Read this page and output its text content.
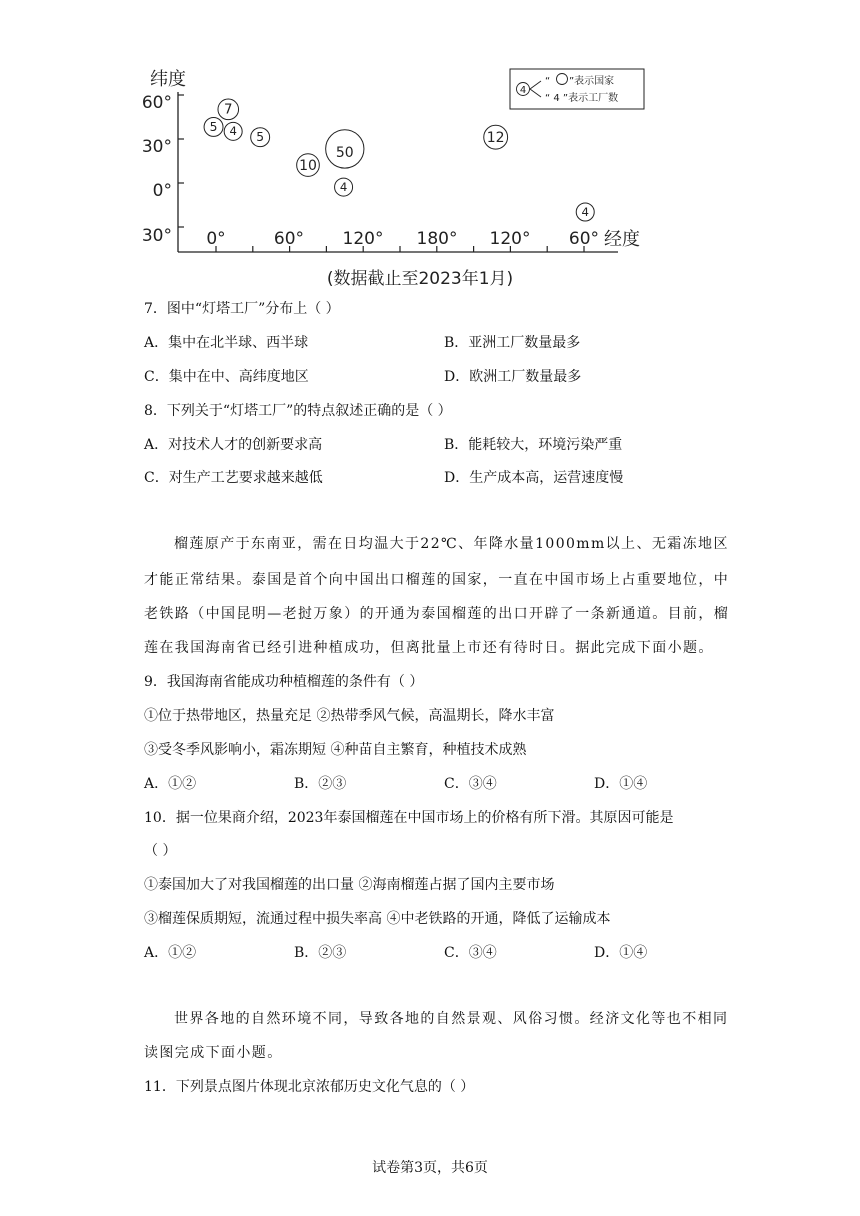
纬度
经度
60°
30°
0°
30° 0°	60° 120° 180° 120° 60°
(数据截止至2023年1月)
7
5 4 5
10
50
4
12
4
4
“ ”表示国家
“ 4 ”表示工厂数
7．图中“灯塔工厂”分布上（ ）
A．集中在北半球、西半球	B．亚洲工厂数量最多
C．集中在中、高纬度地区	D．欧洲工厂数量最多
8．下列关于“灯塔工厂”的特点叙述正确的是（ ）
A．对技术人才的创新要求高	B．能耗较大，环境污染严重
C．对生产工艺要求越来越低	D．生产成本高，运营速度慢
榴莲原产于东南亚，需在日均温大于22℃、年降水量1000mm以上、无霜冻地区
才能正常结果。泰国是首个向中国出口榴莲的国家，一直在中国市场上占重要地位，中
老铁路（中国昆明—老挝万象）的开通为泰国榴莲的出口开辟了一条新通道。目前，榴
莲在我国海南省已经引进种植成功，但离批量上市还有待时日。据此完成下面小题。
9．我国海南省能成功种植榴莲的条件有（ ）
①位于热带地区，热量充足 ②热带季风气候，高温期长，降水丰富
③受冬季风影响小，霜冻期短 ④种苗自主繁育，种植技术成熟
A．①②	B．②③	C．③④	D．①④
10．据一位果商介绍，2023年泰国榴莲在中国市场上的价格有所下滑。其原因可能是
（ ）
①泰国加大了对我国榴莲的出口量 ②海南榴莲占据了国内主要市场
③榴莲保质期短，流通过程中损失率高 ④中老铁路的开通，降低了运输成本
A．①②	B．②③	C．③④	D．①④
世界各地的自然环境不同，导致各地的自然景观、风俗习惯。经济文化等也不相同
读图完成下面小题。
11．下列景点图片体现北京浓郁历史文化气息的（ ）
试卷第3页，共6页
